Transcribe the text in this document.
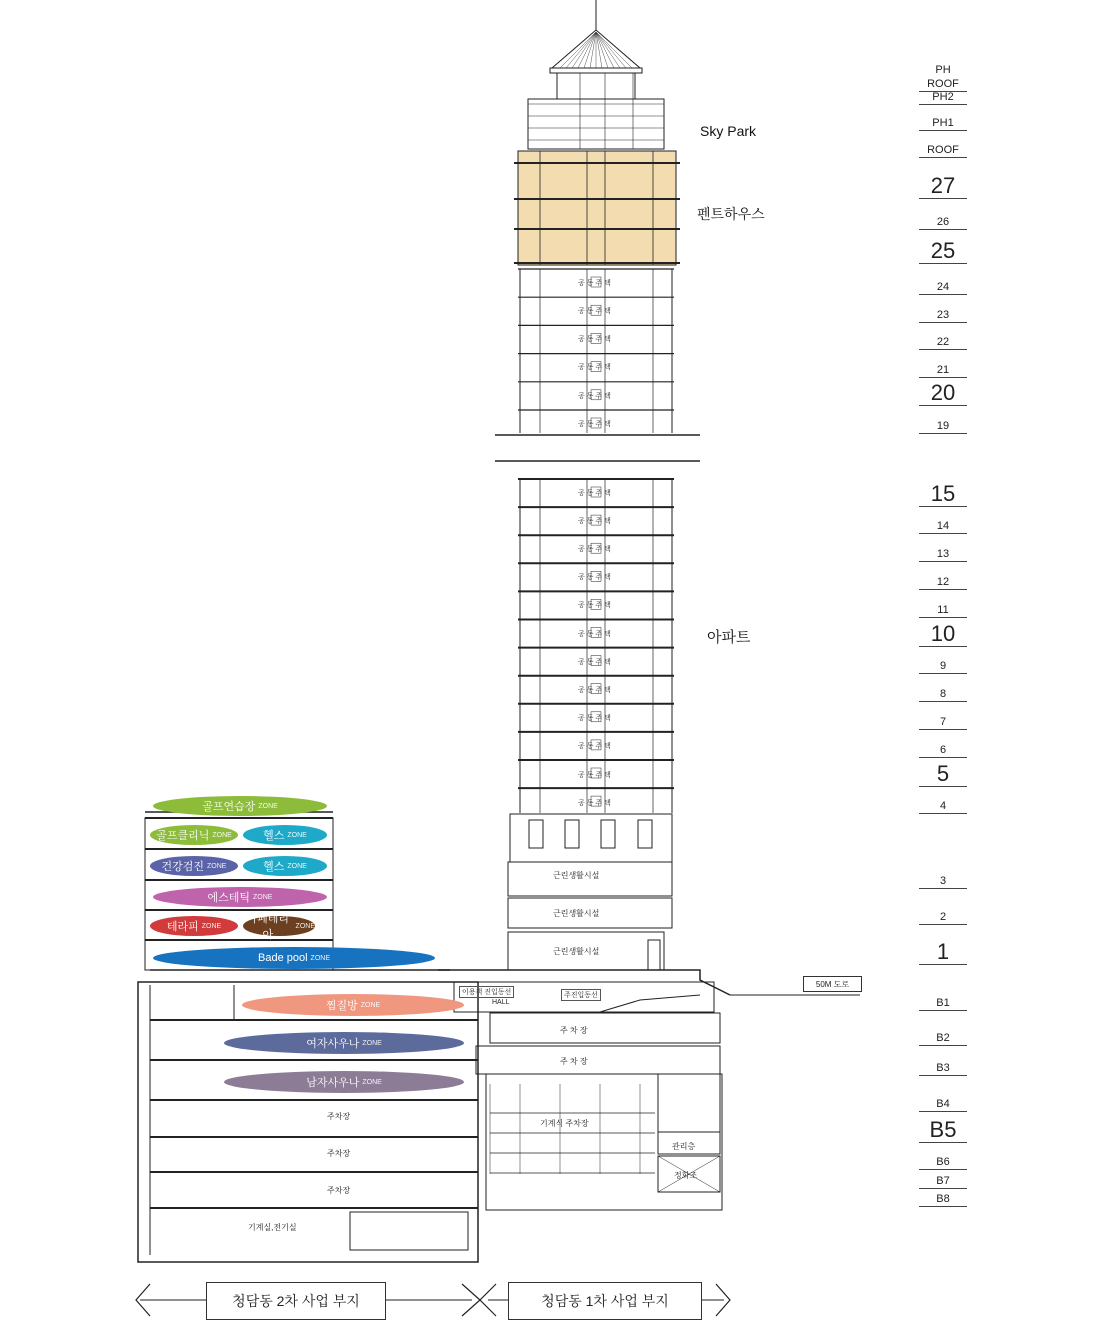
Sky Park
펜트하우스
아파트
PH ROOF
PH2
PH1
ROOF
27
26
25
24
23
22
21
20
19
15
14
13
12
11
10
9
8
7
6
5
4
3
2
1
B1
B2
B3
B4
B5
B6
B7
B8
공 동 주 택
공 동 주 택
공 동 주 택
공 동 주 택
공 동 주 택
공 동 주 택
공 동 주 택
공 동 주 택
공 동 주 택
공 동 주 택
공 동 주 택
공 동 주 택
공 동 주 택
공 동 주 택
공 동 주 택
공 동 주 택
공 동 주 택
공 동 주 택
골프연습장 ZONE
골프클리닉 ZONE	헬스 ZONE
건강검진 ZONE	헬스 ZONE
에스테틱 ZONE
테라피 ZONE
카페테리아
ZONE
Bade pool ZONE
찜질방 ZONE
여자사우나 ZONE
남자사우나 ZONE
주차장
주차장
주차장
기계실,전기실
근린생활시설
근린생활시설
근린생활시설
이용객 진입동선	주진입동선
HALL
주 차 장
주 차 장
기계식 주차장
관리층
정화조
50M 도로
청담동 2차 사업 부지	청담동 1차 사업 부지
